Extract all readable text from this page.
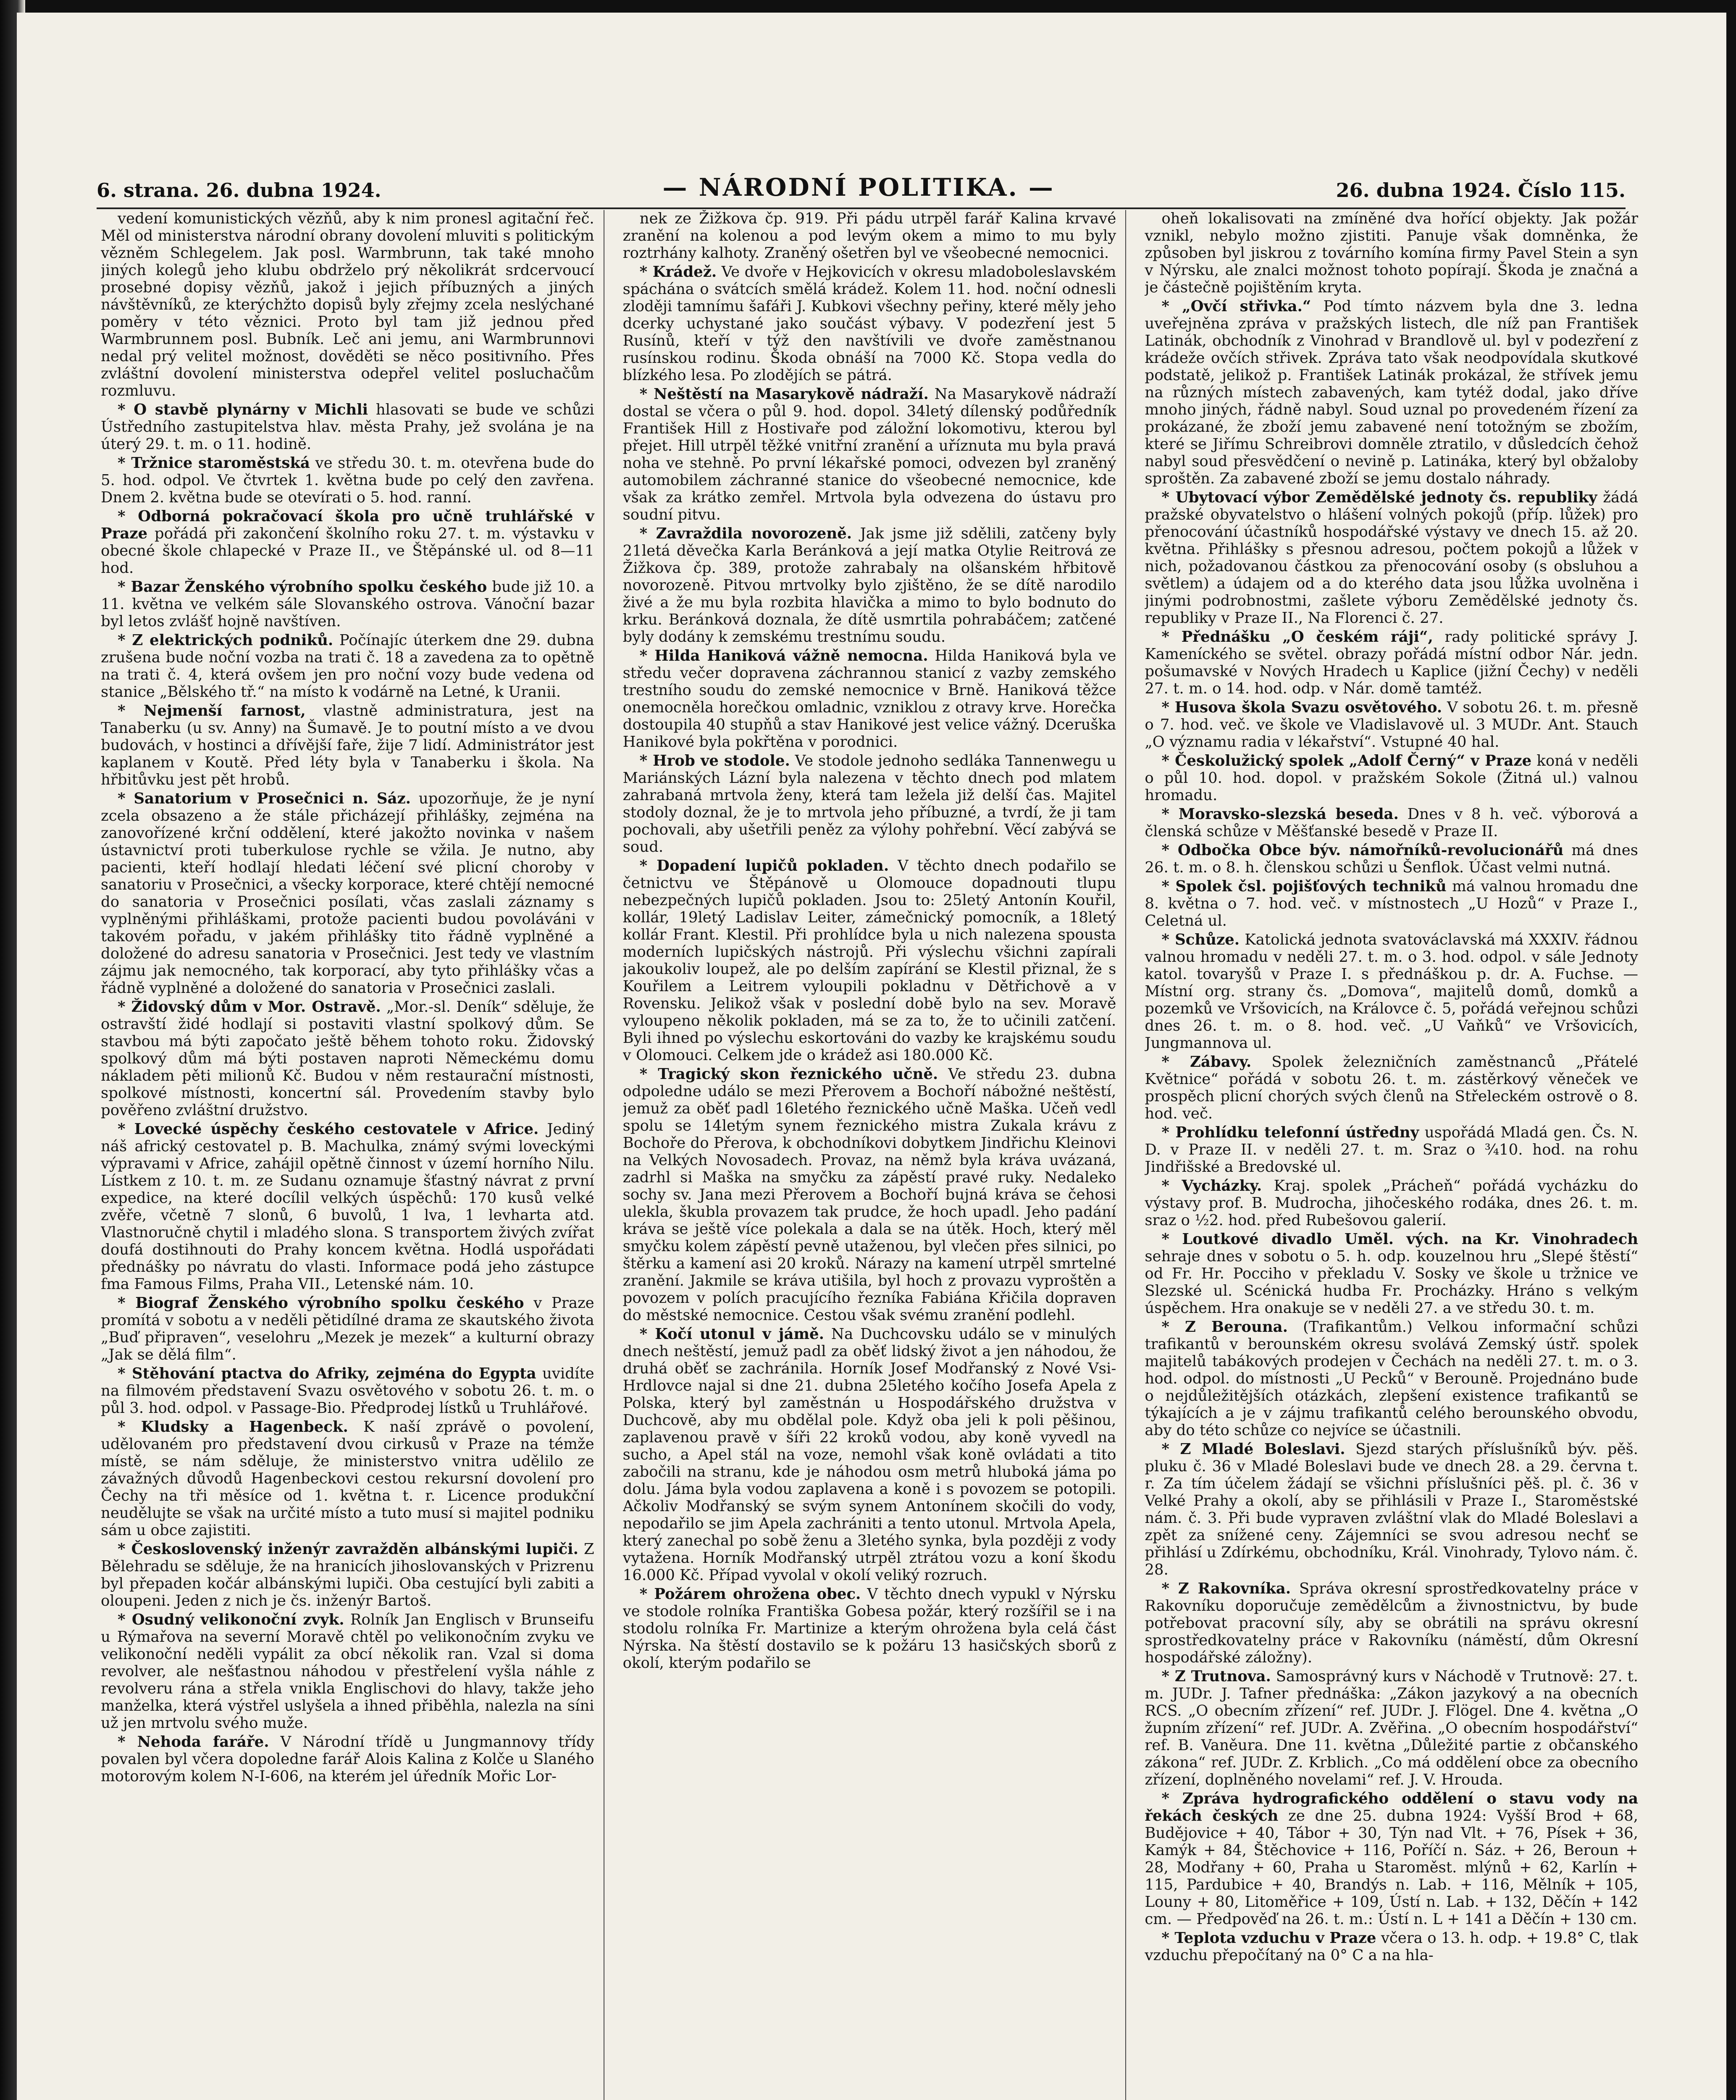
6. strana. 26. dubna 1924.	— NÁRODNÍ POLITIKA. —	26. dubna 1924. Číslo 115.

vedení komunistických vězňů, aby k nim pronesl agitační řeč. Měl od ministerstva národní obrany dovolení mluviti s politickým vězněm Schlegelem. Jak posl. Warmbrunn, tak také mnoho jiných kolegů jeho klubu obdrželo prý několikrát srdcervoucí prosebné dopisy vězňů, jakož i jejich příbuzných a jiných návštěvníků, ze kterýchžto dopisů byly zřejmy zcela neslýchané poměry v této věznici. Proto byl tam již jednou před Warmbrunnem posl. Bubník. Leč ani jemu, ani Warmbrunnovi nedal prý velitel možnost, dověděti se něco positivního. Přes zvláštní dovolení ministerstva odepřel velitel posluchačům rozmluvu.

* O stavbě plynárny v Michli hlasovati se bude ve schůzi Ústředního zastupitelstva hlav. města Prahy, jež svolána je na úterý 29. t. m. o 11. hodině.

* Tržnice staroměstská ve středu 30. t. m. otevřena bude do 5. hod. odpol. Ve čtvrtek 1. května bude po celý den zavřena. Dnem 2. května bude se otevírati o 5. hod. ranní.

* Odborná pokračovací škola pro učně truhlářské v Praze pořádá při zakončení školního roku 27. t. m. výstavku v obecné škole chlapecké v Praze II., ve Štěpánské ul. od 8—11 hod.

* Bazar Ženského výrobního spolku českého bude již 10. a 11. května ve velkém sále Slovanského ostrova. Vánoční bazar byl letos zvlášť hojně navštíven.

* Z elektrických podniků. Počínajíc úterkem dne 29. dubna zrušena bude noční vozba na trati č. 18 a zavedena za to opětně na trati č. 4, která ovšem jen pro noční vozy bude vedena od stanice „Bělského tř.“ na místo k vodárně na Letné, k Uranii.

* Nejmenší farnost, vlastně administratura, jest na Tanaberku (u sv. Anny) na Šumavě. Je to poutní místo a ve dvou budovách, v hostinci a dřívější faře, žije 7 lidí. Administrátor jest kaplanem v Koutě. Před léty byla v Tanaberku i škola. Na hřbitůvku jest pět hrobů.

* Sanatorium v Prosečnici n. Sáz. upozorňuje, že je nyní zcela obsazeno a že stále přicházejí přihlášky, zejména na zanovořízené krční oddělení, které jakožto novinka v našem ústavnictví proti tuberkulose rychle se vžila. Je nutno, aby pacienti, kteří hodlají hledati léčení své plicní choroby v sanatoriu v Prosečnici, a všecky korporace, které chtějí nemocné do sanatoria v Prosečnici posílati, včas zaslali záznamy s vyplněnými přihláškami, protože pacienti budou povoláváni v takovém pořadu, v jakém přihlášky tito řádně vyplněné a doložené do adresu sanatoria v Prosečnici. Jest tedy ve vlastním zájmu jak nemocného, tak korporací, aby tyto přihlášky včas a řádně vyplněné a doložené do sanatoria v Prosečnici zaslali.

* Židovský dům v Mor. Ostravě. „Mor.-sl. Deník“ sděluje, že ostravští židé hodlají si postaviti vlastní spolkový dům. Se stavbou má býti započato ještě během tohoto roku. Židovský spolkový dům má býti postaven naproti Německému domu nákladem pěti milionů Kč. Budou v něm restaurační místnosti, spolkové místnosti, koncertní sál. Provedením stavby bylo pověřeno zvláštní družstvo.

* Lovecké úspěchy českého cestovatele v Africe. Jediný náš africký cestovatel p. B. Machulka, známý svými loveckými výpravami v Africe, zahájil opětně činnost v území horního Nilu. Lístkem z 10. t. m. ze Sudanu oznamuje šťastný návrat z první expedice, na které docílil velkých úspěchů: 170 kusů velké zvěře, včetně 7 slonů, 6 buvolů, 1 lva, 1 levharta atd. Vlastnoručně chytil i mladého slona. S transportem živých zvířat doufá dostihnouti do Prahy koncem května. Hodlá uspořádati přednášky po návratu do vlasti. Informace podá jeho zástupce fma Famous Films, Praha VII., Letenské nám. 10.

* Biograf Ženského výrobního spolku českého v Praze promítá v sobotu a v neděli pětidílné drama ze skautského života „Buď připraven“, veselohru „Mezek je mezek“ a kulturní obrazy „Jak se dělá film“.

* Stěhování ptactva do Afriky, zejména do Egypta uvidíte na filmovém představení Svazu osvětového v sobotu 26. t. m. o půl 3. hod. odpol. v Passage-Bio. Předprodej lístků u Truhlářové.

* Kludsky a Hagenbeck. K naší zprávě o povolení, udělovaném pro představení dvou cirkusů v Praze na témže místě, se nám sděluje, že ministerstvo vnitra udělilo ze závažných důvodů Hagenbeckovi cestou rekursní dovolení pro Čechy na tři měsíce od 1. května t. r. Licence produkční neudělujte se však na určité místo a tuto musí si majitel podniku sám u obce zajistiti.

* Československý inženýr zavražděn albánskými lupiči. Z Bělehradu se sděluje, že na hranicích jihoslovanských v Prizrenu byl přepaden kočár albánskými lupiči. Oba cestující byli zabiti a oloupeni. Jeden z nich je čs. inženýr Bartoš.

* Osudný velikonoční zvyk. Rolník Jan Englisch v Brunseifu u Rýmařova na severní Moravě chtěl po velikonočním zvyku ve velikonoční neděli vypálit za obcí několik ran. Vzal si doma revolver, ale nešťastnou náhodou v přestřelení vyšla náhle z revolveru rána a střela vnikla Englischovi do hlavy, takže jeho manželka, která výstřel uslyšela a ihned přiběhla, nalezla na síni už jen mrtvolu svého muže.

* Nehoda faráře. V Národní třídě u Jungmannovy třídy povalen byl včera dopoledne farář Alois Kalina z Kolče u Slaného motorovým kolem N-I-606, na kterém jel úředník Mořic Lor-

nek ze Žižkova čp. 919. Při pádu utrpěl farář Kalina krvavé zranění na kolenou a pod levým okem a mimo to mu byly roztrhány kalhoty. Zraněný ošetřen byl ve všeobecné nemocnici.

* Krádež. Ve dvoře v Hejkovicích v okresu mladoboleslavském spáchána o svátcích smělá krádež. Kolem 11. hod. noční odnesli zloději tamnímu šafáři J. Kubkovi všechny peřiny, které měly jeho dcerky uchystané jako součást výbavy. V podezření jest 5 Rusínů, kteří v týž den navštívili ve dvoře zaměstnanou rusínskou rodinu. Škoda obnáší na 7000 Kč. Stopa vedla do blízkého lesa. Po zlodějích se pátrá.

* Neštěstí na Masarykově nádraží. Na Masarykově nádraží dostal se včera o půl 9. hod. dopol. 34letý dílenský podůředník František Hill z Hostivaře pod záložní lokomotivu, kterou byl přejet. Hill utrpěl těžké vnitřní zranění a uříznuta mu byla pravá noha ve stehně. Po první lékařské pomoci, odvezen byl zraněný automobilem záchranné stanice do všeobecné nemocnice, kde však za krátko zemřel. Mrtvola byla odvezena do ústavu pro soudní pitvu.

* Zavraždila novorozeně. Jak jsme již sdělili, zatčeny byly 21letá děvečka Karla Beránková a její matka Otylie Reitrová ze Žižkova čp. 389, protože zahrabaly na olšanském hřbitově novorozeně. Pitvou mrtvolky bylo zjištěno, že se dítě narodilo živé a že mu byla rozbita hlavička a mimo to bylo bodnuto do krku. Beránková doznala, že dítě usmrtila pohrabáčem; zatčené byly dodány k zemskému trestnímu soudu.

* Hilda Haniková vážně nemocna. Hilda Haniková byla ve středu večer dopravena záchrannou stanicí z vazby zemského trestního soudu do zemské nemocnice v Brně. Haniková těžce onemocněla horečkou omladnic, vzniklou z otravy krve. Horečka dostoupila 40 stupňů a stav Hanikové jest velice vážný. Dceruška Hanikové byla pokřtěna v porodnici.

* Hrob ve stodole. Ve stodole jednoho sedláka Tannenwegu u Mariánských Lázní byla nalezena v těchto dnech pod mlatem zahrabaná mrtvola ženy, která tam ležela již delší čas. Majitel stodoly doznal, že je to mrtvola jeho příbuzné, a tvrdí, že ji tam pochovali, aby ušetřili peněz za výlohy pohřební. Věcí zabývá se soud.

* Dopadení lupičů pokladen. V těchto dnech podařilo se četnictvu ve Štěpánově u Olomouce dopadnouti tlupu nebezpečných lupičů pokladen. Jsou to: 25letý Antonín Kouřil, kollár, 19letý Ladislav Leiter, zámečnický pomocník, a 18letý kollár Frant. Klestil. Při prohlídce byla u nich nalezena spousta moderních lupičských nástrojů. Při výslechu všichni zapírali jakoukoliv loupež, ale po delším zapírání se Klestil přiznal, že s Kouřilem a Leitrem vyloupili pokladnu v Dětřichově a v Rovensku. Jelikož však v poslední době bylo na sev. Moravě vyloupeno několik pokladen, má se za to, že to učinili zatčení. Byli ihned po výslechu eskortováni do vazby ke krajskému soudu v Olomouci. Celkem jde o krádež asi 180.000 Kč.

* Tragický skon řeznického učně. Ve středu 23. dubna odpoledne událo se mezi Přerovem a Bochoří nábožné neštěstí, jemuž za oběť padl 16letého řeznického učně Maška. Učeň vedl spolu se 14letým synem řeznického mistra Zukala krávu z Bochoře do Přerova, k obchodníkovi dobytkem Jindřichu Kleinovi na Velkých Novosadech. Provaz, na němž byla kráva uvázaná, zadrhl si Maška na smyčku za zápěstí pravé ruky. Nedaleko sochy sv. Jana mezi Přerovem a Bochoří bujná kráva se čehosi ulekla, škubla provazem tak prudce, že hoch upadl. Jeho padání kráva se ještě více polekala a dala se na útěk. Hoch, který měl smyčku kolem zápěstí pevně utaženou, byl vlečen přes silnici, po štěrku a kamení asi 20 kroků. Nárazy na kamení utrpěl smrtelné zranění. Jakmile se kráva utišila, byl hoch z provazu vyproštěn a povozem v polích pracujícího řezníka Fabiána Křičila dopraven do městské nemocnice. Cestou však svému zranění podlehl.

* Kočí utonul v jámě. Na Duchcovsku událo se v minulých dnech neštěstí, jemuž padl za oběť lidský život a jen náhodou, že druhá oběť se zachránila. Horník Josef Modřanský z Nové Vsi-Hrdlovce najal si dne 21. dubna 25letého kočího Josefa Apela z Polska, který byl zaměstnán u Hospodářského družstva v Duchcově, aby mu obdělal pole. Když oba jeli k poli pěšinou, zaplavenou pravě v šíři 22 kroků vodou, aby koně vyvedl na sucho, a Apel stál na voze, nemohl však koně ovládati a tito zabočili na stranu, kde je náhodou osm metrů hluboká jáma po dolu. Jáma byla vodou zaplavena a koně i s povozem se potopili. Ačkoliv Modřanský se svým synem Antonínem skočili do vody, nepodařilo se jim Apela zachrániti a tento utonul. Mrtvola Apela, který zanechal po sobě ženu a 3letého synka, byla později z vody vytažena. Horník Modřanský utrpěl ztrátou vozu a koní škodu 16.000 Kč. Případ vyvolal v okolí veliký rozruch.

* Požárem ohrožena obec. V těchto dnech vypukl v Nýrsku ve stodole rolníka Františka Gobesa požár, který rozšířil se i na stodolu rolníka Fr. Martinize a kterým ohrožena byla celá část Nýrska. Na štěstí dostavilo se k požáru 13 hasičských sborů z okolí, kterým podařilo se

oheň lokalisovati na zmíněné dva hořící objekty. Jak požár vznikl, nebylo možno zjistiti. Panuje však domněnka, že způsoben byl jiskrou z továrního komína firmy Pavel Stein a syn v Nýrsku, ale znalci možnost tohoto popírají. Škoda je značná a je částečně pojištěním kryta.

* „Ovčí střivka.“ Pod tímto názvem byla dne 3. ledna uveřejněna zpráva v pražských listech, dle níž pan František Latinák, obchodník z Vinohrad v Brandlově ul. byl v podezření z krádeže ovčích střivek. Zpráva tato však neodpovídala skutkové podstatě, jelikož p. František Latinák prokázal, že střívek jemu na různých místech zabavených, kam tytéž dodal, jako dříve mnoho jiných, řádně nabyl. Soud uznal po provedeném řízení za prokázané, že zboží jemu zabavené není totožným se zbožím, které se Jiřímu Schreibrovi domněle ztratilo, v důsledcích čehož nabyl soud přesvědčení o nevině p. Latináka, který byl obžaloby sproštěn. Za zabavené zboží se jemu dostalo náhrady.

* Ubytovací výbor Zemědělské jednoty čs. republiky žádá pražské obyvatelstvo o hlášení volných pokojů (příp. lůžek) pro přenocování účastníků hospodářské výstavy ve dnech 15. až 20. května. Přihlášky s přesnou adresou, počtem pokojů a lůžek v nich, požadovanou částkou za přenocování osoby (s obsluhou a světlem) a údajem od a do kterého data jsou lůžka uvolněna i jinými podrobnostmi, zašlete výboru Zemědělské jednoty čs. republiky v Praze II., Na Florenci č. 27.

* Přednášku „O českém ráji“, rady politické správy J. Kameníckého se světel. obrazy pořádá místní odbor Nár. jedn. pošumavské v Nových Hradech u Kaplice (jižní Čechy) v neděli 27. t. m. o 14. hod. odp. v Nár. domě tamtéž.

* Husova škola Svazu osvětového. V sobotu 26. t. m. přesně o 7. hod. več. ve škole ve Vladislavově ul. 3 MUDr. Ant. Stauch „O významu radia v lékařství“. Vstupné 40 hal.

* Českolužický spolek „Adolf Černý“ v Praze koná v neděli o půl 10. hod. dopol. v pražském Sokole (Žitná ul.) valnou hromadu.

* Moravsko-slezská beseda. Dnes v 8 h. več. výborová a členská schůze v Měšťanské besedě v Praze II.

* Odbočka Obce býv. námořníků-revolucionářů má dnes 26. t. m. o 8. h. členskou schůzi u Šenflok. Účast velmi nutná.

* Spolek čsl. pojišťových techniků má valnou hromadu dne 8. května o 7. hod. več. v místnostech „U Hozů“ v Praze I., Celetná ul.

* Schůze. Katolická jednota svatováclavská má XXXIV. řádnou valnou hromadu v neděli 27. t. m. o 3. hod. odpol. v sále Jednoty katol. tovaryšů v Praze I. s přednáškou p. dr. A. Fuchse. — Místní org. strany čs. „Domova“, majitelů domů, domků a pozemků ve Vršovicích, na Královce č. 5, pořádá veřejnou schůzi dnes 26. t. m. o 8. hod. več. „U Vaňků“ ve Vršovicích, Jungmannova ul.

* Zábavy. Spolek železničních zaměstnanců „Přátelé Květnice“ pořádá v sobotu 26. t. m. zástěrkový věneček ve prospěch plicní chorých svých členů na Střeleckém ostrově o 8. hod. več.

* Prohlídku telefonní ústředny uspořádá Mladá gen. Čs. N. D. v Praze II. v neděli 27. t. m. Sraz o ¾10. hod. na rohu Jindřišské a Bredovské ul.

* Vycházky. Kraj. spolek „Prácheň“ pořádá vycházku do výstavy prof. B. Mudrocha, jihočeského rodáka, dnes 26. t. m. sraz o ½2. hod. před Rubešovou galerií.

* Loutkové divadlo Uměl. vých. na Kr. Vinohradech sehraje dnes v sobotu o 5. h. odp. kouzelnou hru „Slepé štěstí“ od Fr. Hr. Pocciho v překladu V. Sosky ve škole u tržnice ve Slezské ul. Scénická hudba Fr. Procházky. Hráno s velkým úspěchem. Hra onakuje se v neděli 27. a ve středu 30. t. m.

* Z Berouna. (Trafikantům.) Velkou informační schůzi trafikantů v berounském okresu svolává Zemský ústř. spolek majitelů tabákových prodejen v Čechách na neděli 27. t. m. o 3. hod. odpol. do místnosti „U Pecků“ v Berouně. Projednáno bude o nejdůležitějších otázkách, zlepšení existence trafikantů se týkajících a je v zájmu trafikantů celého berounského obvodu, aby do této schůze co nejvíce se účastnili.

* Z Mladé Boleslavi. Sjezd starých příslušníků býv. pěš. pluku č. 36 v Mladé Boleslavi bude ve dnech 28. a 29. června t. r. Za tím účelem žádají se všichni příslušníci pěš. pl. č. 36 v Velké Prahy a okolí, aby se přihlásili v Praze I., Staroměstské nám. č. 3. Při bude vypraven zvláštní vlak do Mladé Boleslavi a zpět za snížené ceny. Zájemníci se svou adresou nechť se přihlásí u Zdírkému, obchodníku, Král. Vinohrady, Tylovo nám. č. 28.

* Z Rakovníka. Správa okresní sprostředkovatelny práce v Rakovníku doporučuje zemědělcům a živnostnictvu, by bude potřebovat pracovní síly, aby se obrátili na správu okresní sprostředkovatelny práce v Rakovníku (náměstí, dům Okresní hospodářské záložny).

* Z Trutnova. Samosprávný kurs v Náchodě v Trutnově: 27. t. m. JUDr. J. Tafner přednáška: „Zákon jazykový a na obecních RCS. „O obecním zřízení“ ref. JUDr. J. Flögel. Dne 4. května „O župním zřízení“ ref. JUDr. A. Zvěřina. „O obecním hospodářství“ ref. B. Vaněura. Dne 11. května „Důležité partie z občanského zákona“ ref. JUDr. Z. Krblich. „Co má oddělení obce za obecního zřízení, doplněného novelami“ ref. J. V. Hrouda.

* Zpráva hydrografického oddělení o stavu vody na řekách českých ze dne 25. dubna 1924: Vyšší Brod + 68, Budějovice + 40, Tábor + 30, Týn nad Vlt. + 76, Písek + 36, Kamýk + 84, Štěchovice + 116, Poříčí n. Sáz. + 26, Beroun + 28, Modřany + 60, Praha u Staroměst. mlýnů + 62, Karlín + 115, Pardubice + 40, Brandýs n. Lab. + 116, Mělník + 105, Louny + 80, Litoměřice + 109, Ústí n. Lab. + 132, Děčín + 142 cm. — Předpověď na 26. t. m.: Ústí n. L + 141 a Děčín + 130 cm.

* Teplota vzduchu v Praze včera o 13. h. odp. + 19.8° C, tlak vzduchu přepočítaný na 0° C a na hla-
